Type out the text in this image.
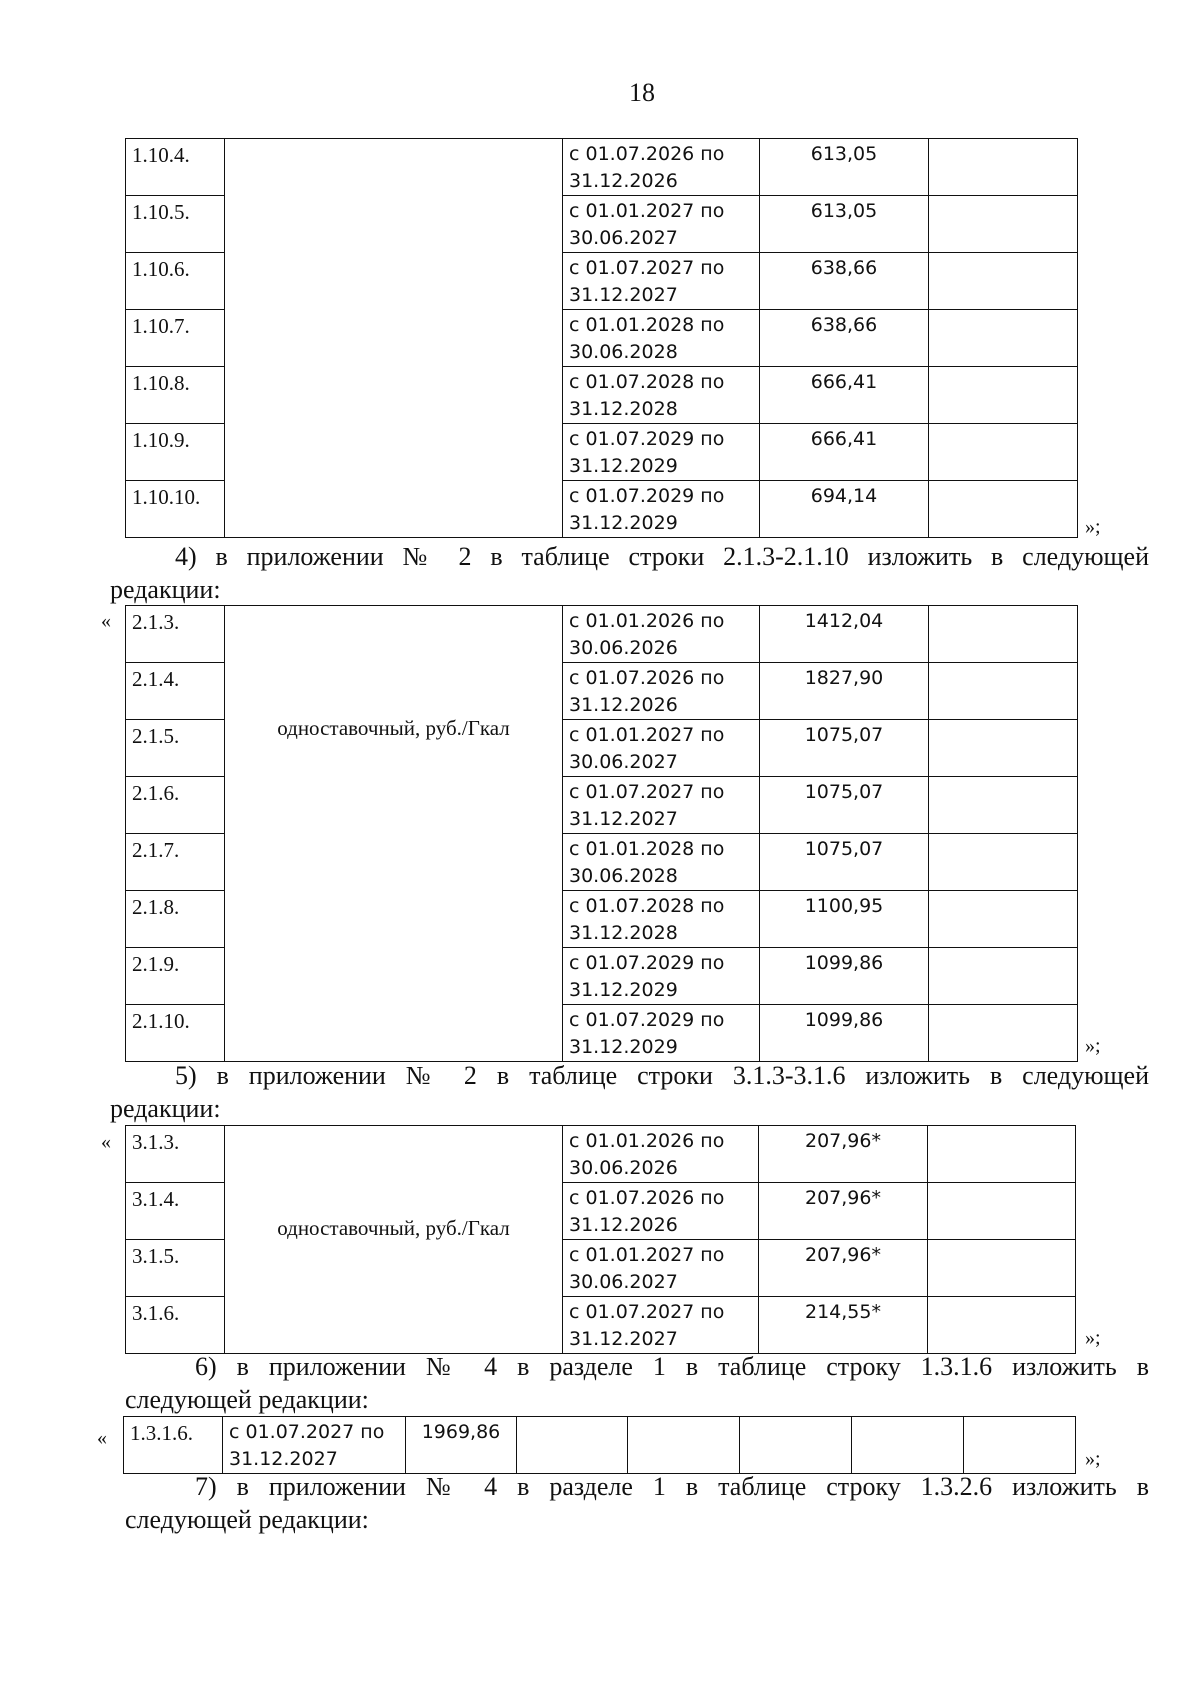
18
1.10.4.		с 01.07.2026 по 31.12.2026	613,05	
1.10.5.		с 01.01.2027 по 30.06.2027	613,05	
1.10.6.		с 01.07.2027 по 31.12.2027	638,66	
1.10.7.		с 01.01.2028 по 30.06.2028	638,66	
1.10.8.		с 01.07.2028 по 31.12.2028	666,41	
1.10.9.		с 01.07.2029 по 31.12.2029	666,41	
1.10.10.		с 01.07.2029 по 31.12.2029	694,14	
»;
4) в приложении № 2 в таблице строки 2.1.3-2.1.10 изложить в следующей
редакции:
« 2.1.3.	одноставочный, руб./Гкал	с 01.01.2026 по 30.06.2026	1412,04	
2.1.4.		с 01.07.2026 по 31.12.2026	1827,90	
2.1.5.		с 01.01.2027 по 30.06.2027	1075,07	
2.1.6.		с 01.07.2027 по 31.12.2027	1075,07	
2.1.7.		с 01.01.2028 по 30.06.2028	1075,07	
2.1.8.		с 01.07.2028 по 31.12.2028	1100,95	
2.1.9.		с 01.07.2029 по 31.12.2029	1099,86	
2.1.10.		с 01.07.2029 по 31.12.2029	1099,86	
»;
5) в приложении № 2 в таблице строки 3.1.3-3.1.6 изложить в следующей
редакции:
« 3.1.3.	одноставочный, руб./Гкал	с 01.01.2026 по 30.06.2026	207,96*	
3.1.4.		с 01.07.2026 по 31.12.2026	207,96*	
3.1.5.		с 01.01.2027 по 30.06.2027	207,96*	
3.1.6.		с 01.07.2027 по 31.12.2027	214,55*	
»;
6) в приложении № 4 в разделе 1 в таблице строку 1.3.1.6 изложить в
следующей редакции:
« 1.3.1.6.	с 01.07.2027 по 31.12.2027	1969,86					
»;
7) в приложении № 4 в разделе 1 в таблице строку 1.3.2.6 изложить в
следующей редакции:
